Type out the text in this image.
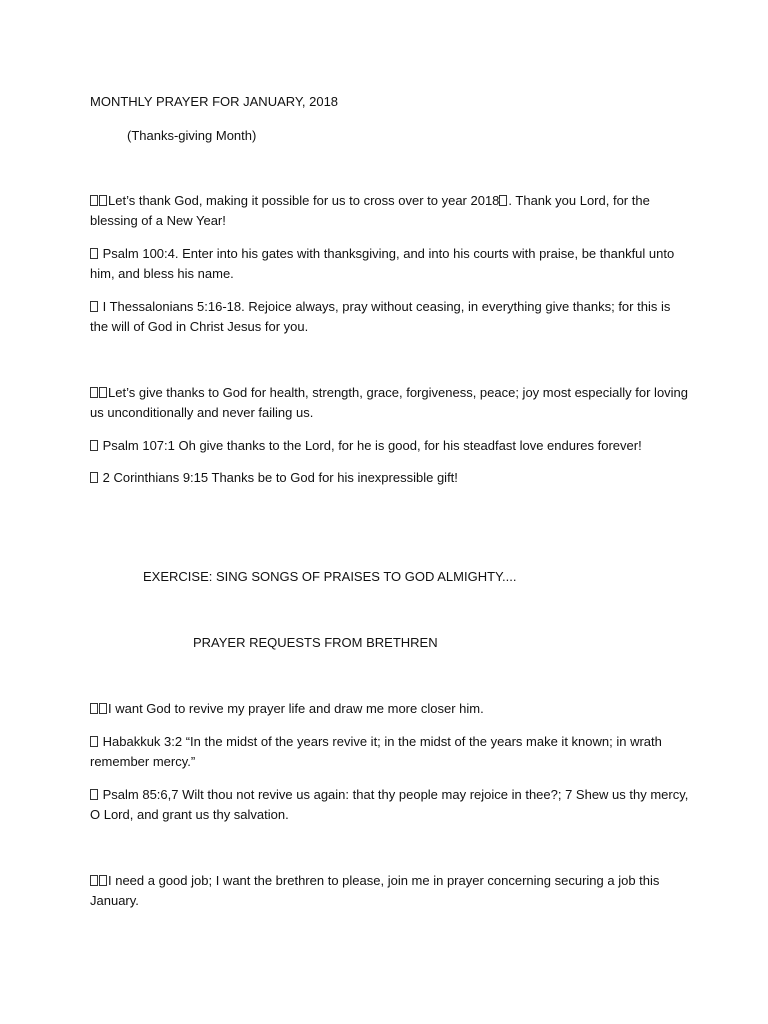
MONTHLY PRAYER FOR JANUARY, 2018

(Thanks-giving Month)

Let’s thank God, making it possible for us to cross over to year 2018 . Thank you Lord, for the blessing of a New Year!

Psalm 100:4. Enter into his gates with thanksgiving, and into his courts with praise, be thankful unto him, and bless his name.

I Thessalonians 5:16-18. Rejoice always, pray without ceasing, in everything give thanks; for this is the will of God in Christ Jesus for you.

Let’s give thanks to God for health, strength, grace, forgiveness, peace; joy most especially for loving us unconditionally and never failing us.

Psalm 107:1 Oh give thanks to the Lord, for he is good, for his steadfast love endures forever!

2 Corinthians 9:15 Thanks be to God for his inexpressible gift!

EXERCISE: SING SONGS OF PRAISES TO GOD ALMIGHTY....

PRAYER REQUESTS FROM BRETHREN

I want God to revive my prayer life and draw me more closer him.

Habakkuk 3:2 “In the midst of the years revive it; in the midst of the years make it known; in wrath remember mercy.”

Psalm 85:6,7 Wilt thou not revive us again: that thy people may rejoice in thee?; 7 Shew us thy mercy, O Lord, and grant us thy salvation.

I need a good job; I want the brethren to please, join me in prayer concerning securing a job this January.
